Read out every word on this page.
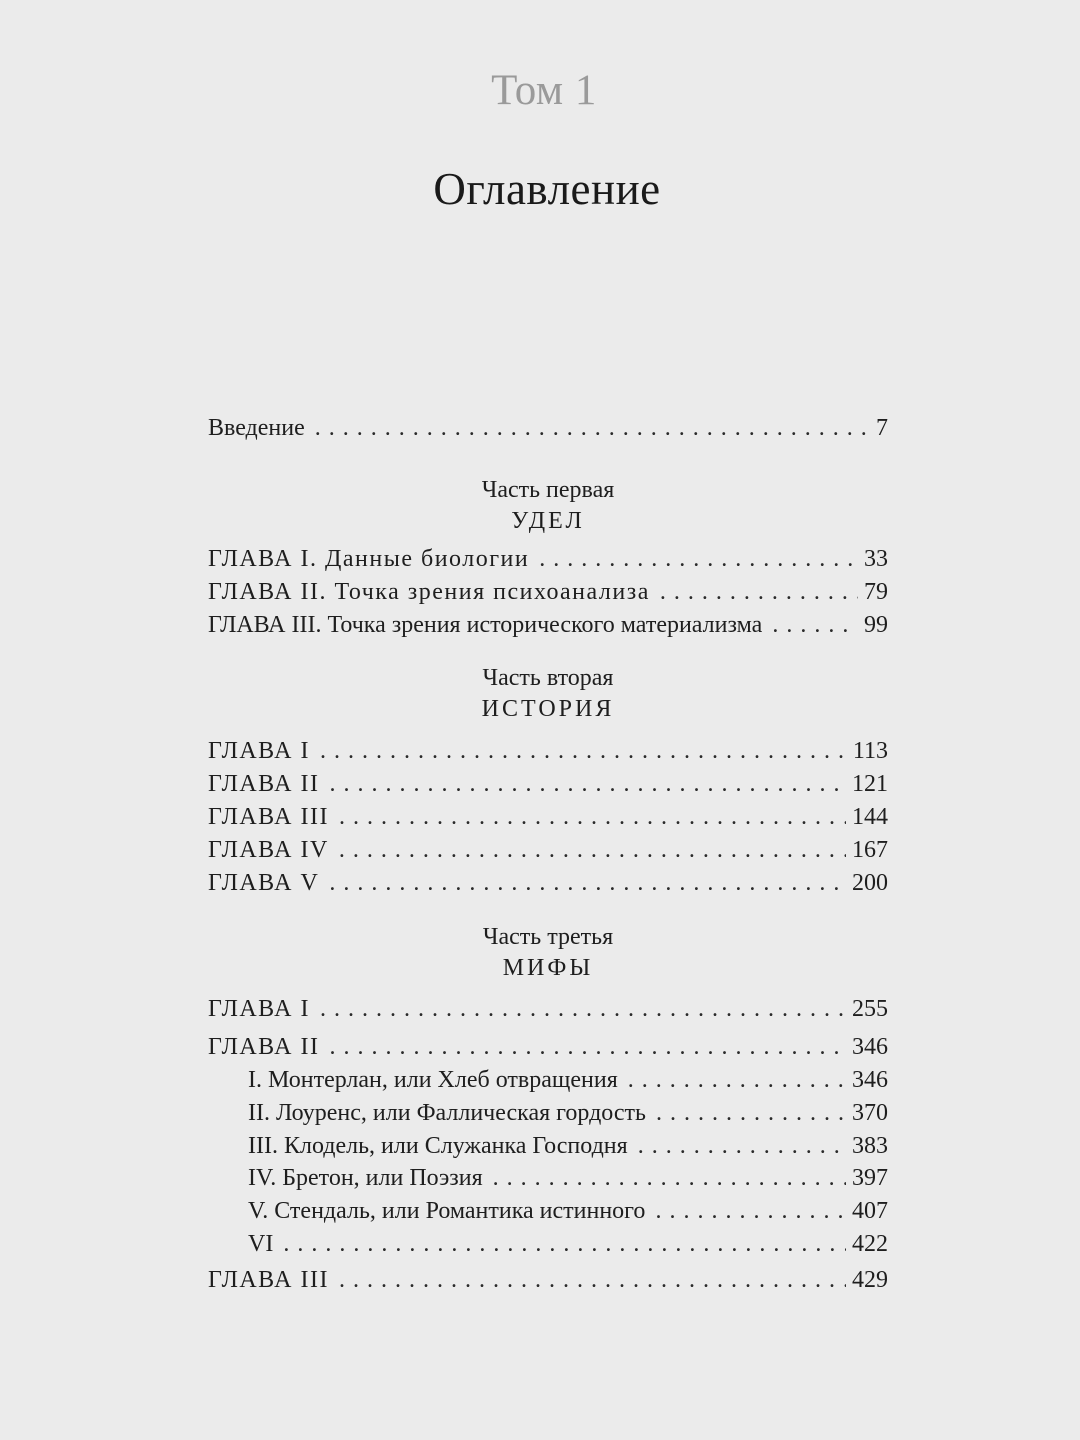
Том 1
Оглавление
Введение . . .	7
Часть первая
УДЕЛ
ГЛАВА I. Данные биологии . . .	33
ГЛАВА II. Точка зрения психоанализа . . .	79
ГЛАВА III. Точка зрения исторического материализма . . .	99
Часть вторая
ИСТОРИЯ
ГЛАВА I . . .	113
ГЛАВА II . . .	121
ГЛАВА III . . .	144
ГЛАВА IV . . .	167
ГЛАВА V . . .	200
Часть третья
МИФЫ
ГЛАВА I . . .	255
ГЛАВА II . . .	346
I. Монтерлан, или Хлеб отвращения . . .	346
II. Лоуренс, или Фаллическая гордость . . .	370
III. Клодель, или Служанка Господня . . .	383
IV. Бретон, или Поэзия . . .	397
V. Стендаль, или Романтика истинного . . .	407
VI . . .	422
ГЛАВА III . . .	429
